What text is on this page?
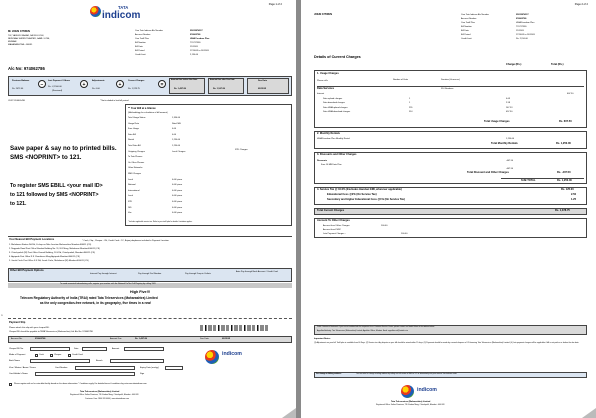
Page 1 of 2
TATA
indicom
Mr JOHN CITIZEN
702, VASUKU NAGAR, SAI SULOCHI,
NEW MAH SHIRIN THEATER, GAMLI LOWI,
MUMBAI
MAHARASHTRA - 400011
Your Tata Indicom A/c Number	25222874517
Account Number	974062786
Your Tariff Plan	HSIA Freedom Plan
Bill Number	770717580
Bill Date	15/11/05
Bill Period	17/10/05 to 16/11/05
Credit Limit	2,150.00
A/c No: 974062786
Previous Balance
Rs. 2072.00
−
Last Payment / Others
Rs. -2,1500.00
(Received)
+
Adjustments
Rs. 0.00
+
Current Charges
Rs. 1,378.75
=
Amount Due before Due Date
Rs. 1,457.89
Amount Due after Due Date
Rs. 1,507.89
Due Date
09/12/05
CUST ID/0601430	* Not included in last bill period
Save paper & say no to printed bills.
SMS <NOPRINT> to 121.
To register SMS EBILL <your mail ID>
to 121 followed by SMS <NOPRINT>
to 121.
** Your Bill at a Glance
(Methodology for calculation of bill amount)
Total Usage Status	1,354.00
Usage Rate	Rate/ MB
Free Usage	0.00
Data Bill	0.00
Rental	1,250.00
Total Data Bill	1,250.00
Outgoing Charges	Local Charges
To Tata Phones
On Other Phones
Other Networks
SMS Charges
Local	0.00/ piece
National	0.00/ piece
International	0.00/ piece
Local	0.00/ piece
STD	0.00/ piece
ISD	0.00/ piece
Vas	0.00/ piece
STD Charges
* Includes applicable service tax. Refer to your tariff plan for details. Limitation applies.
Your Nearest Bill Payment Locations	* Cash, Chq., Cheque - CH, Credit Card - CC, Bajaaj dropboxes included in Payment Location.
1. Mahalaxmi Station Rd Rd, G shop no Nibs Junction Maharashtra Mumbai-400011 (CS)
2. Nagpada Road Post Office Mumbai Building No. 11, M.J Marg, Mahalaxmi Mumbai-400011 (CS)
3. Chinchpokali (W) Post Office Karmal Building, R.G Rd, Chinchpokali, Mumbai-400011 (CS)
4. Agripada Post Office R.K Chandrivari Marg Agripada Mumbai-400011 (CS)
5. Jacob Circle Post Office K.K Rd, Jacob Circle, Mahalaxmi (W) Mumbai-400011 (CS)
Other Bill Payment Options
Internet Pay through Internet	Pay through Dial Number	Pay through Drop-in Outlets
Auto Pay through Bank Account / Credit Card
To avoid unwanted telemarketing calls, register your number with the National Do Not Call Registry by calling 1909
High Five!!!
Telecom Regulatory Authority of India (TRAI) rated Tata Teleservices (Maharashtra) Limited
as the only congestion-free network, in its geography, five times in a row!
✂
Payment Slip
Please attach this slip with your cheque/DD.
Cheque/DD should be payable to TATA Teleservices (Maharashtra) Ltd. A/c No. 974062786
Account No.	974062786	Amount Due	Rs. 1,457.89	Due Date	09/12/05
Cheque/DD No.	Date	Amount
Mode of Payment	Cash	Cheque	Credit Card
Bank Name	Branch
Visa / Master / Amex / Diners	Card Number	Expiry Date (mm/yy)
Card Holder's Name	Sign
indicom
Please register with us for auto debit facility based on the above information. * Conditions apply. For detailed terms & conditions log onto www.tataindicom.com
Tata Teleservices (Maharashtra) Limited
Registered Office: Voltas Premises, T.B. Kadam Marg, Chinchpokli, Mumbai - 400 033
Customer Care: 1800 209 4000 | www.tataindicom.com
Page 2 of 2
JOHN CITIZEN	Your Tata Indicom A/c Number	25222874517
Account Number	974062786
Your Tariff Plan	HSIA Freedom Plan
Bill Number	770717580
Bill Date	15/11/05
Bill Period	17/10/05 to 16/11/05
Credit Limit	Rs. 2,150.00
Details of Current Charges
Charge (Rs.)	Total (Rs.)
1. Usage Charges
Phone calls	Number of Units	Duration (hh:mm:ss)
Data Services	514 Numbers
607.50
Internet
Data upload charges	1	0.03
Data download charges	1	2.58
Data HSIA upload charges	255	147.53
Data HSIA download charges	514	457.90
Total Usage Charges	Rs. 607.50
2. Monthly Rentals
HSIA Freedom Plan Monthly Rental	1,250.00
Total Monthly Rentals	Rs. 1,250.00
3. Discounts and Other Charges
Discounts	-407.50
Free 10 MB Data Plan
-407.50
Total Discount and Other Charges	Rs. -407.50
SUB TOTAL	Rs. 1,250.00
4. Service Tax @ 10.0% (Excludes Handset EMI, wherever applicable)	Rs. 125.00
Educational Cess @2% (On Service Tax)	2.50
Secondary and Higher Educational Cess @1% (On Service Tax)	1.25
Total Current Charges	Rs. 1,378.75
Account To Other Charges
Account level Other Charges	100.00
Account level: NRC
Late Payment Charges -	100.00
Public Grievance Redressal: If you are not satisfied with the response of our Customer Service Centre, please contact our Nodal Officer at the address below.
Appellate Authority: Tata Teleservices (Maharashtra) Limited, Appellate Officer, Mumbai. Email: appellate.mh@tatatel.co.in
Important Notes:
(1) Adjustments on your bill. Tariff plan is available from 60 Days. (2) Service tax. Any dispute on your bill should be raised within 15 days. (3) Payments should be made by crossed cheques or DD favouring Tata Teleservices (Maharashtra) Limited. (4) Late payment charges will be applicable if bill is not paid on or before the due date.
For change in Billing address:	You can write for change in billing address by calling our call centre or SMS to 121 or alternatively visit your nearest Tata Indicom outlet.
indicom
Tata Teleservices (Maharashtra) Limited
Registered Office: Voltas Premises, T.B. Kadam Marg, Chinchpokli, Mumbai - 400 033
